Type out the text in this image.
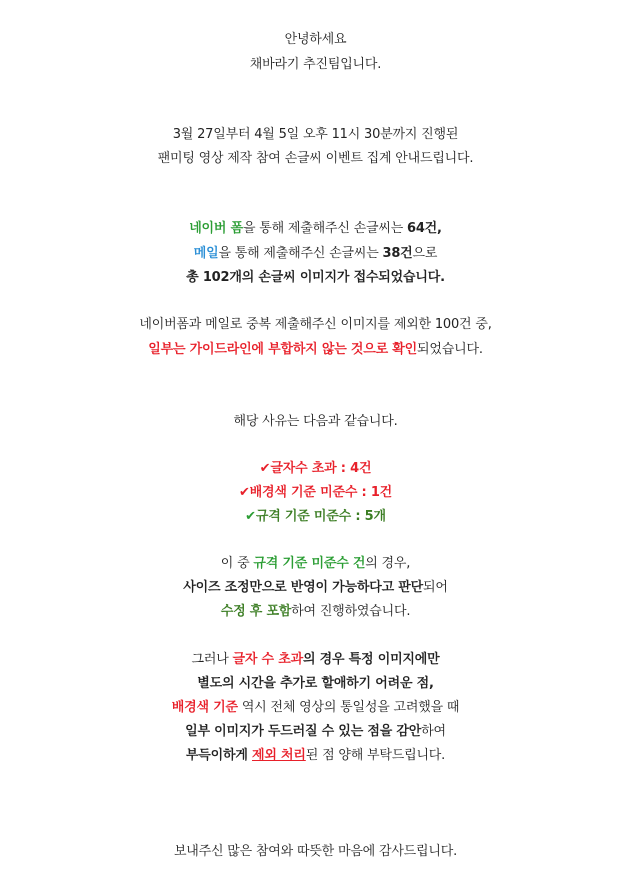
안녕하세요
채바라기 추진팀입니다.
3월 27일부터 4월 5일 오후 11시 30분까지 진행된
팬미팅 영상 제작 참여 손글씨 이벤트 집계 안내드립니다.
네이버 폼을 통해 제출해주신 손글씨는 64건,
메일을 통해 제출해주신 손글씨는 38건으로
총 102개의 손글씨 이미지가 접수되었습니다.
네이버폼과 메일로 중복 제출해주신 이미지를 제외한 100건 중,
일부는 가이드라인에 부합하지 않는 것으로 확인되었습니다.
해당 사유는 다음과 같습니다.
✔글자수 초과 : 4건
✔배경색 기준 미준수 : 1건
✔규격 기준 미준수 : 5개
이 중 규격 기준 미준수 건의 경우,
사이즈 조정만으로 반영이 가능하다고 판단되어
수정 후 포함하여 진행하였습니다.
그러나 글자 수 초과의 경우 특정 이미지에만
별도의 시간을 추가로 할애하기 어려운 점,
배경색 기준 역시 전체 영상의 통일성을 고려했을 때
일부 이미지가 두드러질 수 있는 점을 감안하여
부득이하게 제외 처리된 점 양해 부탁드립니다.
보내주신 많은 참여와 따뜻한 마음에 감사드립니다.
